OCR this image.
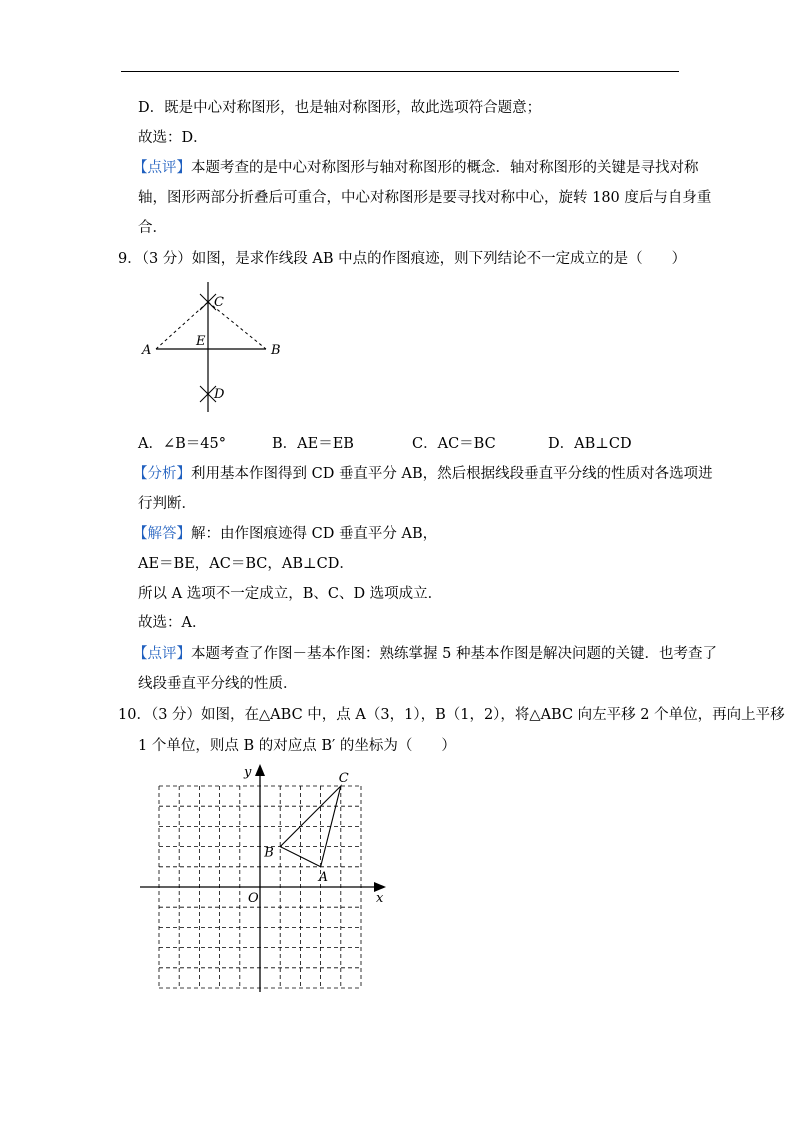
D．既是中心对称图形，也是轴对称图形，故此选项符合题意；
故选：D．
【点评】本题考查的是中心对称图形与轴对称图形的概念．轴对称图形的关键是寻找对称
轴，图形两部分折叠后可重合，中心对称图形是要寻找对称中心，旋转 180 度后与自身重
合．
9．（3 分）如图，是求作线段 AB 中点的作图痕迹，则下列结论不一定成立的是（　　）
A	B
C
D
E
A．∠B＝45°	B．AE＝EB	C．AC＝BC	D．AB⊥CD
【分析】利用基本作图得到 CD 垂直平分 AB，然后根据线段垂直平分线的性质对各选项进
行判断．
【解答】解：由作图痕迹得 CD 垂直平分 AB，
AE＝BE，AC＝BC，AB⊥CD．
所以 A 选项不一定成立，B、C、D 选项成立．
故选：A．
【点评】本题考查了作图－基本作图：熟练掌握 5 种基本作图是解决问题的关键．也考查了
线段垂直平分线的性质．
10．（3 分）如图，在△ABC 中，点 A（3，1），B（1，2），将△ABC 向左平移 2 个单位，再向上平移
1 个单位，则点 B 的对应点 B′ 的坐标为（　　）
y
x
O
A
B
C
